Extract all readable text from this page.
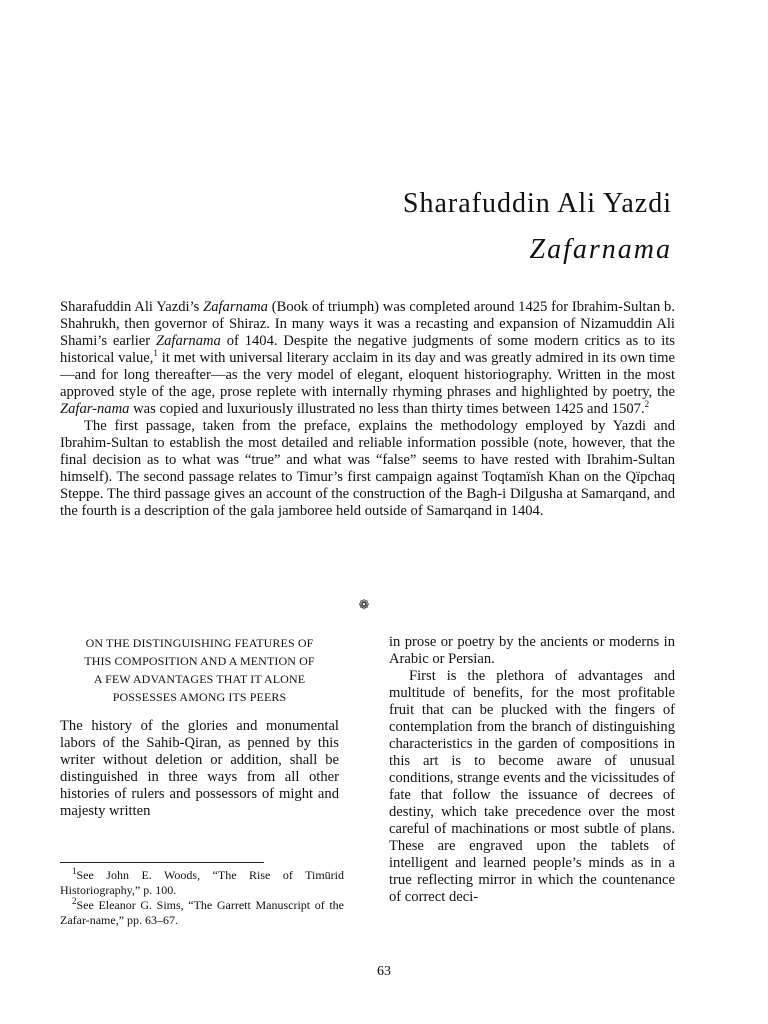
Sharafuddin Ali Yazdi
Zafarnama

Sharafuddin Ali Yazdi’s Zafarnama (Book of triumph) was completed around 1425 for Ibrahim-Sultan b. Shahrukh, then governor of Shiraz. In many ways it was a recasting and expansion of Nizamuddin Ali Shami’s earlier Zafarnama of 1404. Despite the negative judgments of some modern critics as to its historical value,$^1$ it met with universal literary acclaim in its day and was greatly admired in its own time—and for long thereafter—as the very model of elegant, eloquent historiography. Written in the most approved style of the age, prose replete with internally rhyming phrases and highlighted by poetry, the Zafar-nama was copied and luxuriously illustrated no less than thirty times between 1425 and 1507.$^2$

The first passage, taken from the preface, explains the methodology employed by Yazdi and Ibrahim-Sultan to establish the most detailed and reliable information possible (note, however, that the final decision as to what was “true” and what was “false” seems to have rested with Ibrahim-Sultan himself). The second passage relates to Timur’s first campaign against Toqtamïsh Khan on the Qïpchaq Steppe. The third passage gives an account of the construction of the Bagh-i Dilgusha at Samarqand, and the fourth is a description of the gala jamboree held outside of Samarqand in 1404.

❁

ON THE DISTINGUISHING FEATURES OF

THIS COMPOSITION AND A MENTION OF

A FEW ADVANTAGES THAT IT ALONE

POSSESSES AMONG ITS PEERS

The history of the glories and monumental labors of the Sahib-Qiran, as penned by this writer without deletion or addition, shall be distinguished in three ways from all other histories of rulers and possessors of might and majesty written

in prose or poetry by the ancients or moderns in Arabic or Persian.

First is the plethora of advantages and multitude of benefits, for the most profitable fruit that can be plucked with the fingers of contemplation from the branch of distinguishing characteristics in the garden of compositions in this art is to become aware of unusual conditions, strange events and the vicissitudes of fate that follow the issuance of decrees of destiny, which take precedence over the most careful of machinations or most subtle of plans. These are engraved upon the tablets of intelligent and learned people’s minds as in a true reflecting mirror in which the countenance of correct deci-

$^1$See John E. Woods, “The Rise of Timūrid Historiography,” p. 100.

$^2$See Eleanor G. Sims, “The Garrett Manuscript of the Zafar-name,” pp. 63–67.

63
